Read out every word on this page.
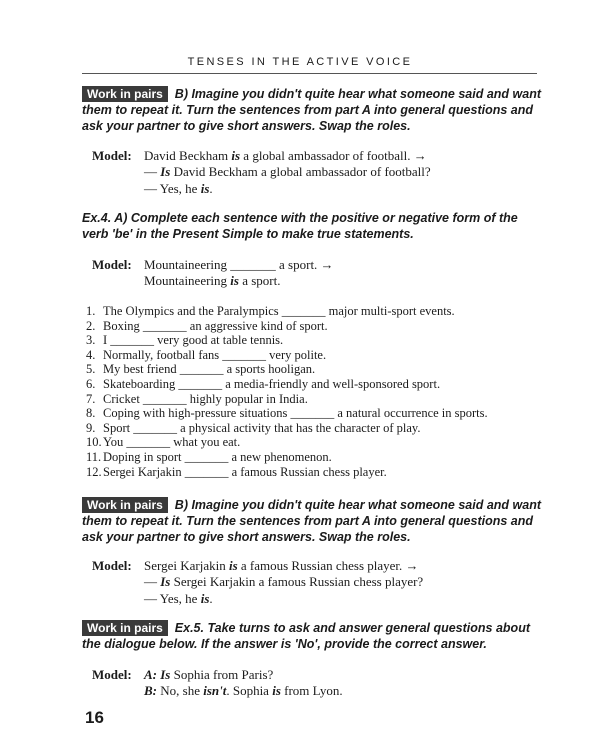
TENSES IN THE ACTIVE VOICE
Work in pairs B) Imagine you didn't quite hear what someone said and want them to repeat it. Turn the sentences from part A into general questions and ask your partner to give short answers. Swap the roles.
Model: David Beckham is a global ambassador of football. →
— Is David Beckham a global ambassador of football?
— Yes, he is.
Ex.4. A) Complete each sentence with the positive or negative form of the verb 'be' in the Present Simple to make true statements.
Model: Mountaineering _______ a sport. →
Mountaineering is a sport.
1. The Olympics and the Paralympics _______ major multi-sport events.
2. Boxing _______ an aggressive kind of sport.
3. I _______ very good at table tennis.
4. Normally, football fans _______ very polite.
5. My best friend _______ a sports hooligan.
6. Skateboarding _______ a media-friendly and well-sponsored sport.
7. Cricket _______ highly popular in India.
8. Coping with high-pressure situations _______ a natural occurrence in sports.
9. Sport _______ a physical activity that has the character of play.
10.You _______ what you eat.
11. Doping in sport _______ a new phenomenon.
12.Sergei Karjakin _______ a famous Russian chess player.
Work in pairs B) Imagine you didn't quite hear what someone said and want them to repeat it. Turn the sentences from part A into general questions and ask your partner to give short answers. Swap the roles.
Model: Sergei Karjakin is a famous Russian chess player. →
— Is Sergei Karjakin a famous Russian chess player?
— Yes, he is.
Work in pairs Ex.5. Take turns to ask and answer general questions about the dialogue below. If the answer is 'No', provide the correct answer.
Model: A: Is Sophia from Paris?
B: No, she isn't. Sophia is from Lyon.
16
